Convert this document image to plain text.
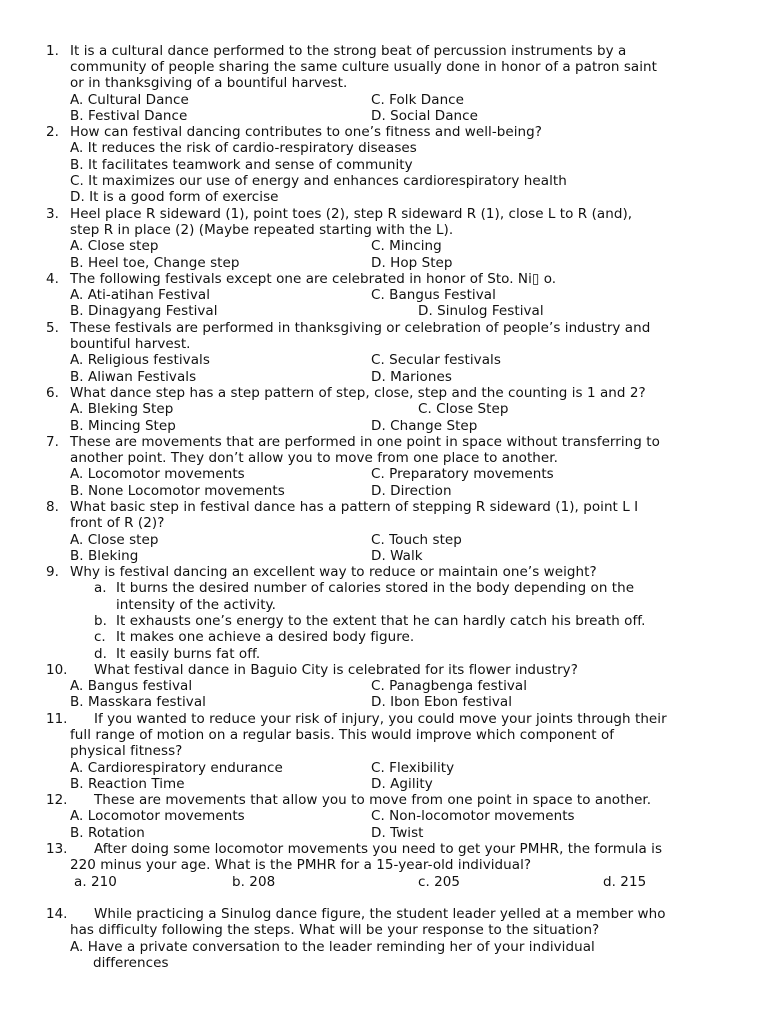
1. It is a cultural dance performed to the strong beat of percussion instruments by a
community of people sharing the same culture usually done in honor of a patron saint
or in thanksgiving of a bountiful harvest.
A. Cultural Dance	C. Folk Dance
B. Festival Dance	D. Social Dance
2. How can festival dancing contributes to one’s fitness and well-being?
A. It reduces the risk of cardio-respiratory diseases
B. It facilitates teamwork and sense of community
C. It maximizes our use of energy and enhances cardiorespiratory health
D. It is a good form of exercise
3. Heel place R sideward (1), point toes (2), step R sideward R (1), close L to R (and),
step R in place (2) (Maybe repeated starting with the L).
A. Close step	C. Mincing
B. Heel toe, Change step	D. Hop Step
4. The following festivals except one are celebrated in honor of Sto. Ni▯ o.
A. Ati-atihan Festival	C. Bangus Festival
B. Dinagyang Festival	D. Sinulog Festival
5. These festivals are performed in thanksgiving or celebration of people’s industry and
bountiful harvest.
A. Religious festivals	C. Secular festivals
B. Aliwan Festivals	D. Mariones
6. What dance step has a step pattern of step, close, step and the counting is 1 and 2?
A. Bleking Step	C. Close Step
B. Mincing Step	D. Change Step
7. These are movements that are performed in one point in space without transferring to
another point. They don’t allow you to move from one place to another.
A. Locomotor movements	C. Preparatory movements
B. None Locomotor movements	D. Direction
8. What basic step in festival dance has a pattern of stepping R sideward (1), point L I
front of R (2)?
A. Close step	C. Touch step
B. Bleking	D. Walk
9. Why is festival dancing an excellent way to reduce or maintain one’s weight?
a. It burns the desired number of calories stored in the body depending on the
intensity of the activity.
b. It exhausts one’s energy to the extent that he can hardly catch his breath off.
c. It makes one achieve a desired body figure.
d. It easily burns fat off.
10. What festival dance in Baguio City is celebrated for its flower industry?
A. Bangus festival	C. Panagbenga festival
B. Masskara festival	D. Ibon Ebon festival
11. If you wanted to reduce your risk of injury, you could move your joints through their
full range of motion on a regular basis. This would improve which component of
physical fitness?
A. Cardiorespiratory endurance	C. Flexibility
B. Reaction Time	D. Agility
12. These are movements that allow you to move from one point in space to another.
A. Locomotor movements	C. Non-locomotor movements
B. Rotation	D. Twist
13. After doing some locomotor movements you need to get your PMHR, the formula is
220 minus your age. What is the PMHR for a 15-year-old individual?
a. 210	b. 208	c. 205	d. 215
14. While practicing a Sinulog dance figure, the student leader yelled at a member who
has difficulty following the steps. What will be your response to the situation?
A. Have a private conversation to the leader reminding her of your individual
differences
